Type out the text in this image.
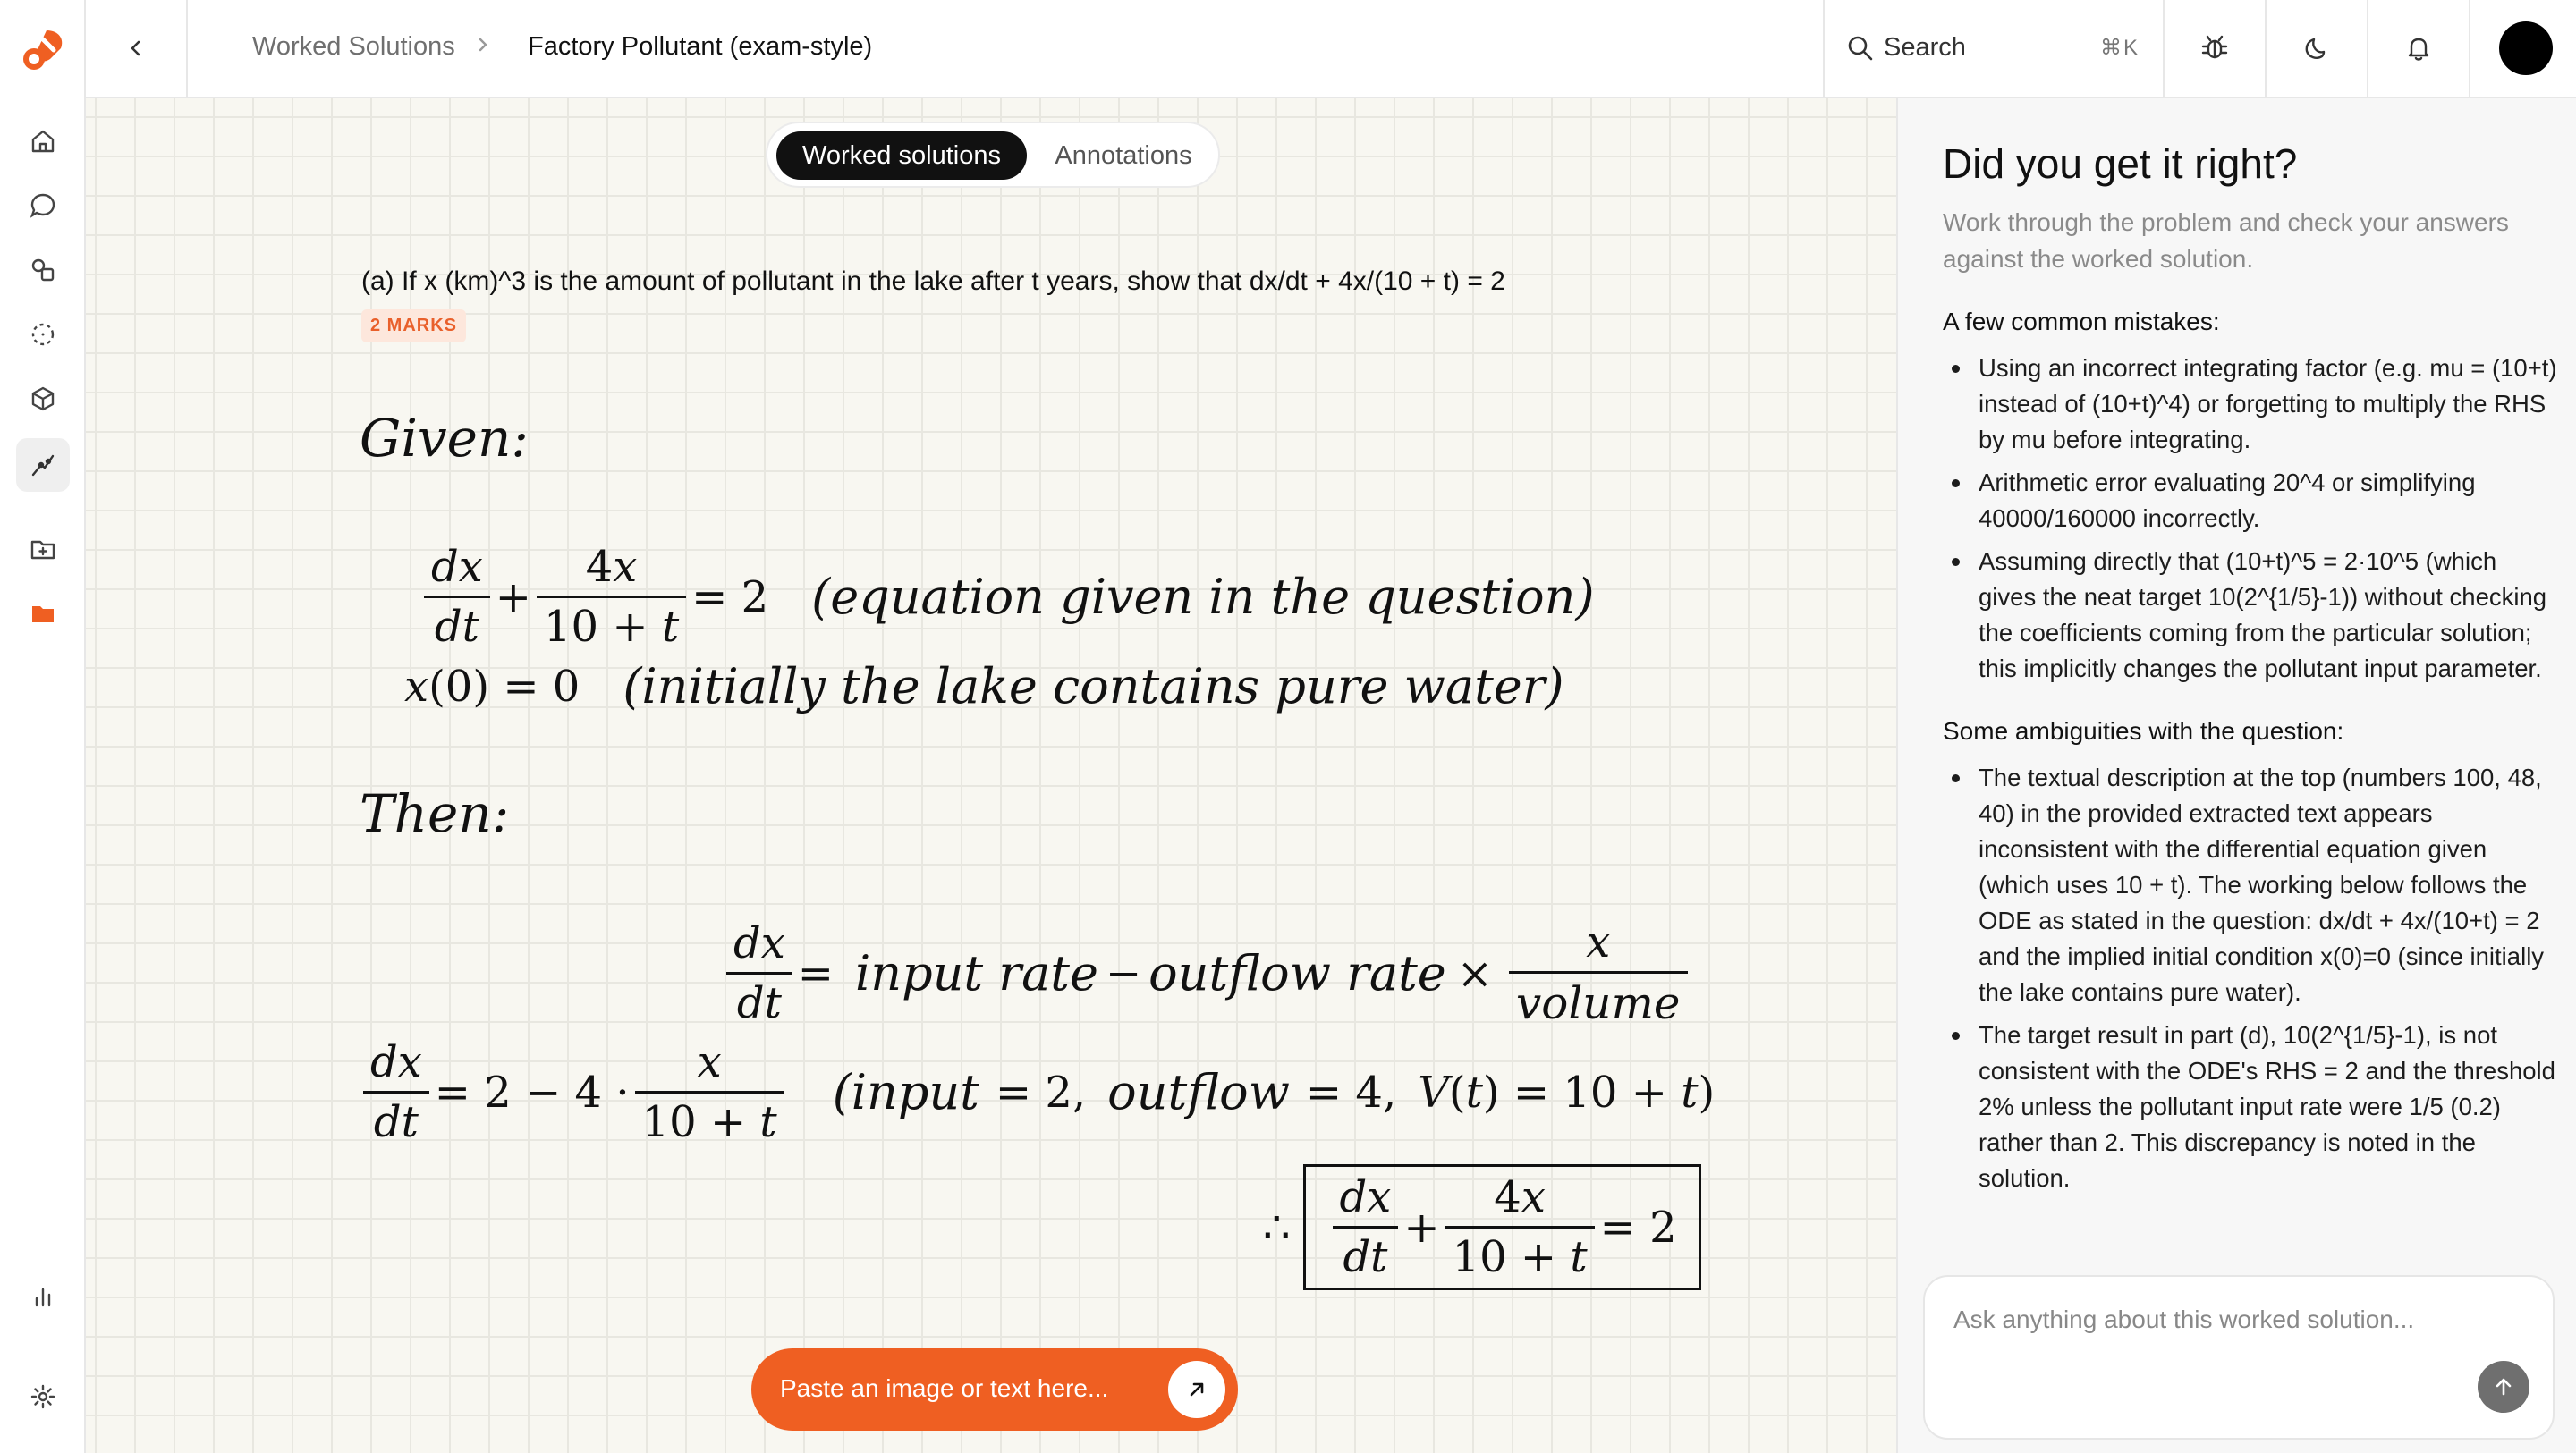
Worked Solutions	Factory Pollutant (exam-style)	Search	⌘K
Worked solutions	Annotations
(a) If x (km)^3 is the amount of pollutant in the lake after t years, show that dx/dt + 4x/(10 + t) = 2
2 MARKS
Given:
$\frac{dx}{dt} + \frac{4x}{10 + t} = 2$ (equation given in the question)
x(0) = 0 (initially the lake contains pure water)
Then:
$\frac{dx}{dt}$ = input rate − outflow rate × $\frac{x}{\text{volume}}$
$\frac{dx}{dt} = 2 - 4 \cdot \frac{x}{10 + t}$ (input = 2, outflow = 4, V(t) = 10 + t)
∴ $\frac{dx}{dt} + \frac{4x}{10 + t} = 2$
Paste an image or text here...
Did you get it right?
Work through the problem and check your answers against the worked solution.
A few common mistakes:
Using an incorrect integrating factor (e.g. mu = (10+t) instead of (10+t)^4) or forgetting to multiply the RHS by mu before integrating.
Arithmetic error evaluating 20^4 or simplifying 40000/160000 incorrectly.
Assuming directly that (10+t)^5 = 2·10^5 (which gives the neat target 10(2^{1/5}-1)) without checking the coefficients coming from the particular solution; this implicitly changes the pollutant input parameter.
Some ambiguities with the question:
The textual description at the top (numbers 100, 48, 40) in the provided extracted text appears inconsistent with the differential equation given (which uses 10 + t). The working below follows the ODE as stated in the question: dx/dt + 4x/(10+t) = 2 and the implied initial condition x(0)=0 (since initially the lake contains pure water).
The target result in part (d), 10(2^{1/5}-1), is not consistent with the ODE's RHS = 2 and the threshold 2% unless the pollutant input rate were 1/5 (0.2) rather than 2. This discrepancy is noted in the solution.
Ask anything about this worked solution...
